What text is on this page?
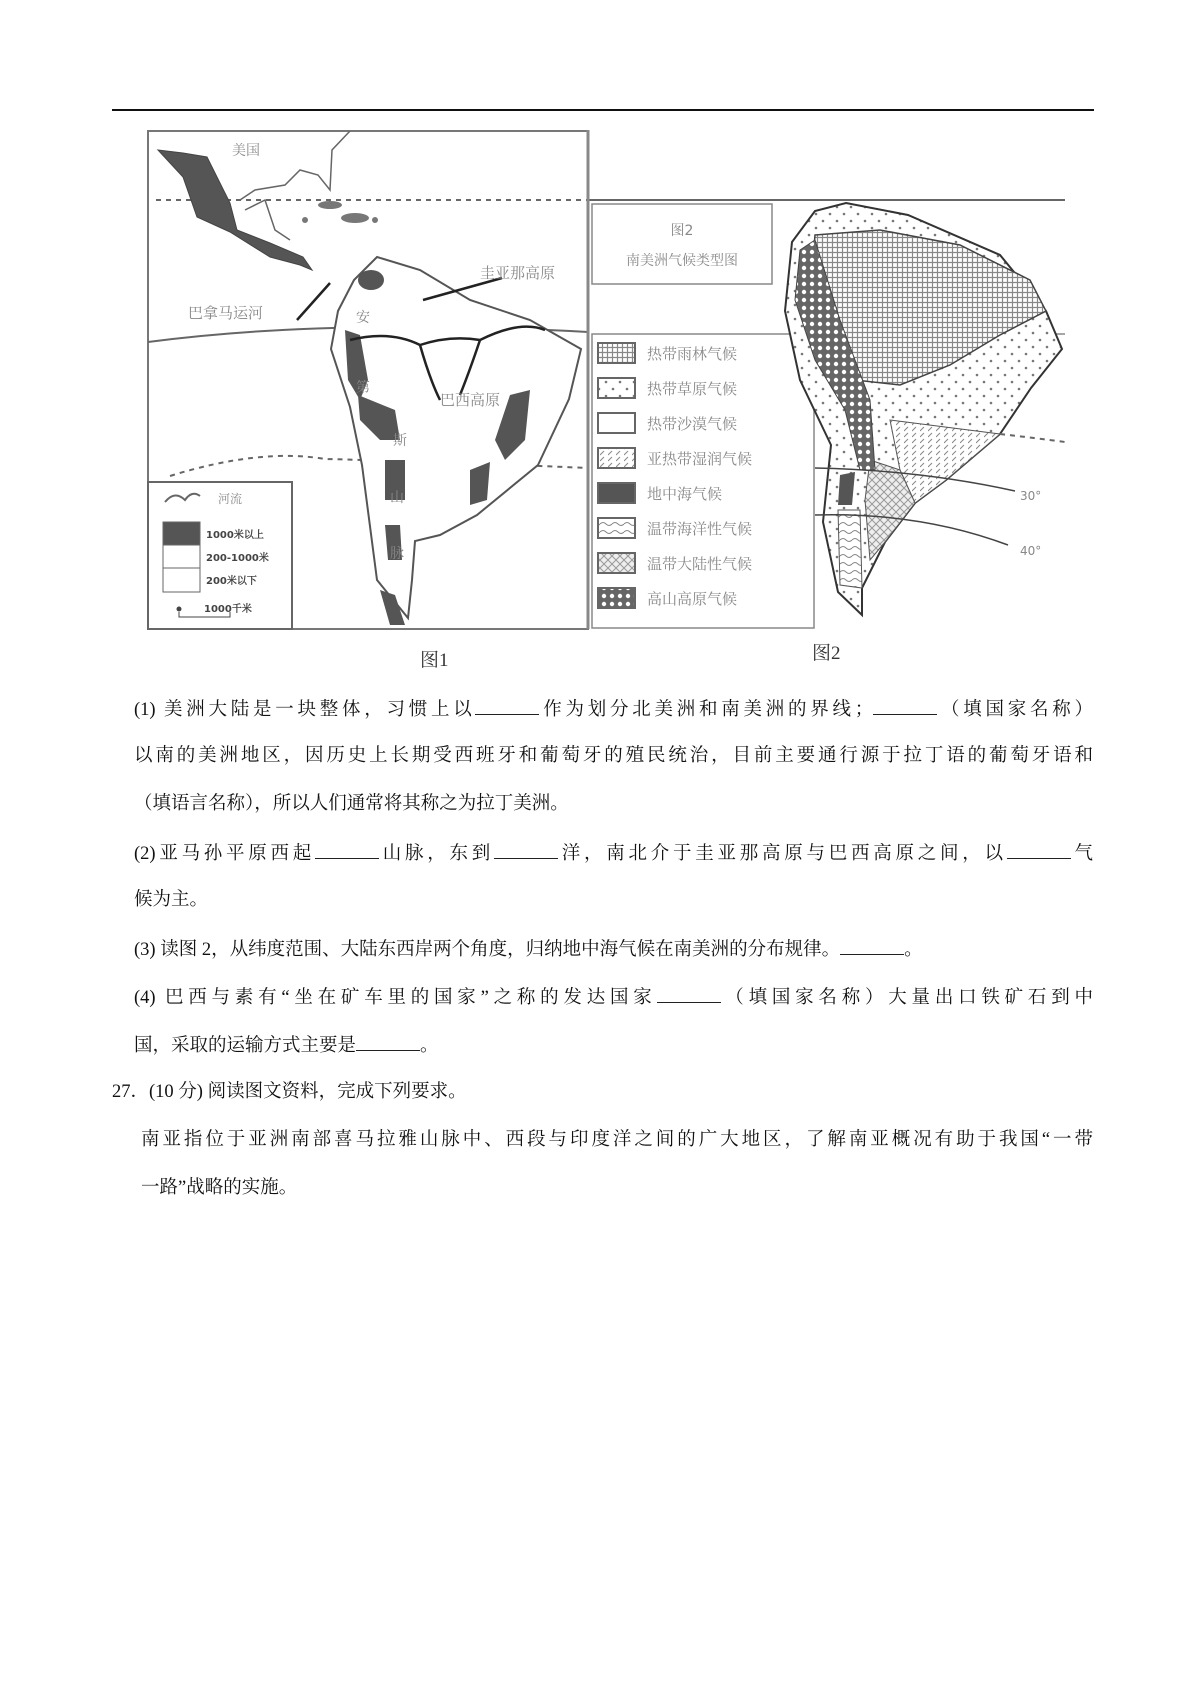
美国
巴拿马运河
圭亚那高原
巴西高原
安
第
斯
山
脉
河流
1000米以上
200-1000米
200米以下
1000千米
图2
南美洲气候类型图
热带雨林气候
热带草原气候
热带沙漠气候
亚热带湿润气候
地中海气候
温带海洋性气候
温带大陆性气候
高山高原气候
30°
40°
图1	图2
(1) 美洲大陆是一块整体，习惯上以	作为划分北美洲和南美洲的界线；	（填国家名称）
以南的美洲地区，因历史上长期受西班牙和葡萄牙的殖民统治，目前主要通行源于拉丁语的葡萄牙语和
（填语言名称），所以人们通常将其称之为拉丁美洲。
(2)亚马孙平原西起	山脉，东到	洋，南北介于圭亚那高原与巴西高原之间，以	气
候为主。
(3) 读图 2，从纬度范围、大陆东西岸两个角度，归纳地中海气候在南美洲的分布规律。	。
(4) 巴西与素有“坐在矿车里的国家”之称的发达国家	（填国家名称）大量出口铁矿石到中
国，采取的运输方式主要是	。
27．(10 分) 阅读图文资料，完成下列要求。
南亚指位于亚洲南部喜马拉雅山脉中、西段与印度洋之间的广大地区，了解南亚概况有助于我国“一带
一路”战略的实施。
